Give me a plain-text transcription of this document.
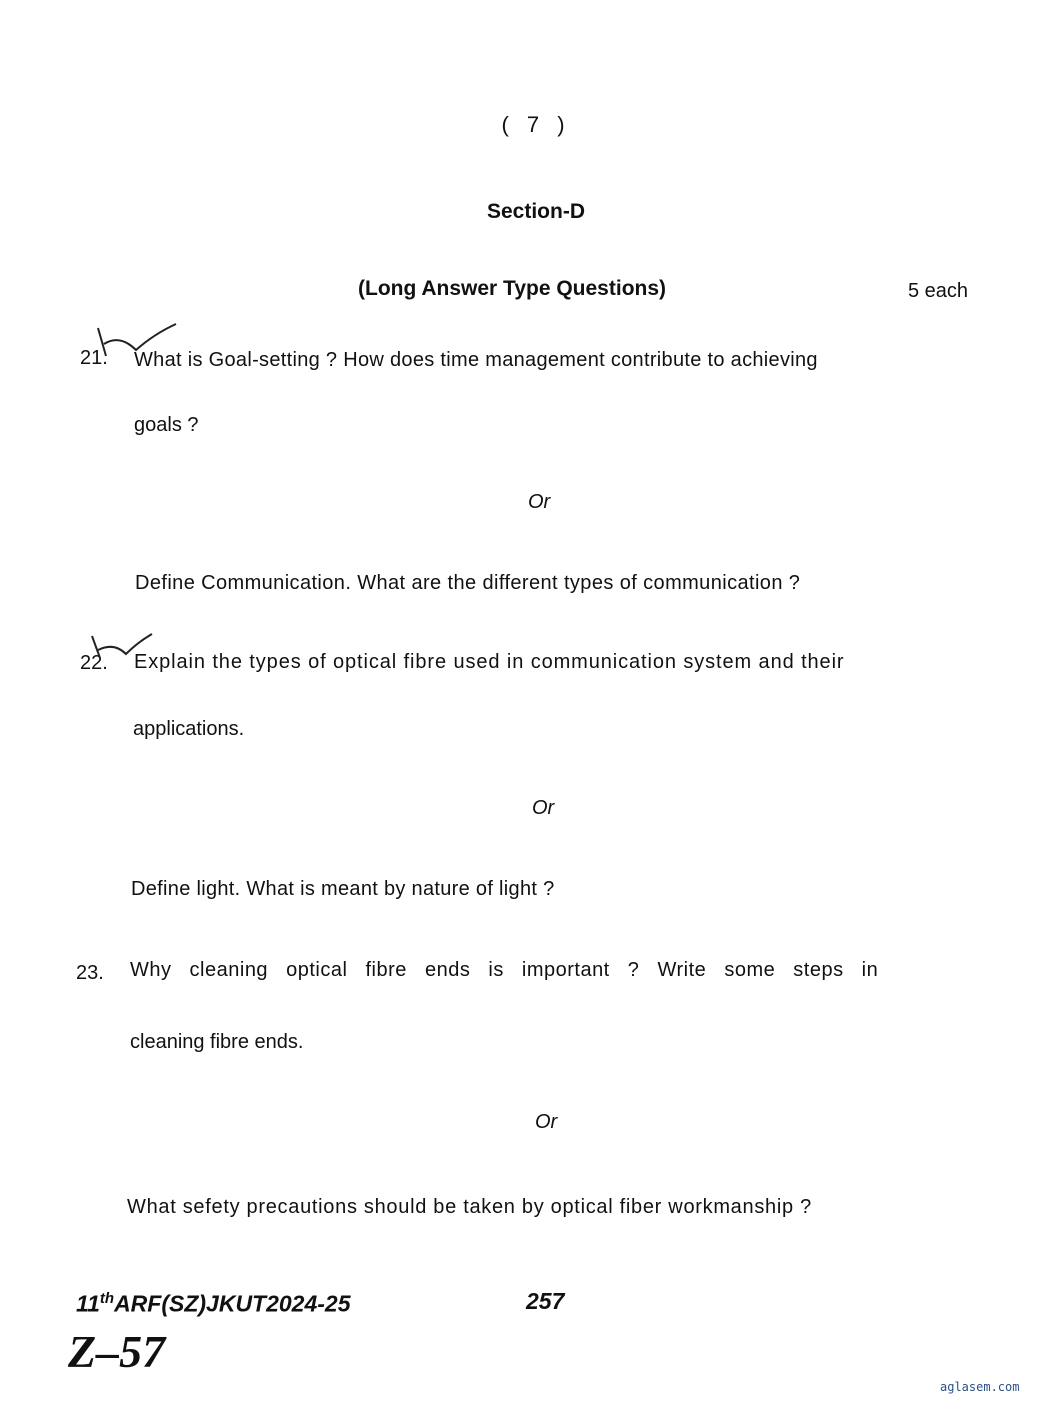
( 7 )
Section-D
(Long Answer Type Questions)	5 each
21. What is Goal-setting ? How does time management contribute to achieving
goals ?
Or
Define Communication. What are the different types of communication ?
22. Explain the types of optical fibre used in communication system and their
applications.
Or
Define light. What is meant by nature of light ?
23. Why cleaning optical fibre ends is important ? Write some steps in
cleaning fibre ends.
Or
What sefety precautions should be taken by optical fiber workmanship ?
11thARF(SZ)JKUT2024-25	257
Z–57
aglasem.com
